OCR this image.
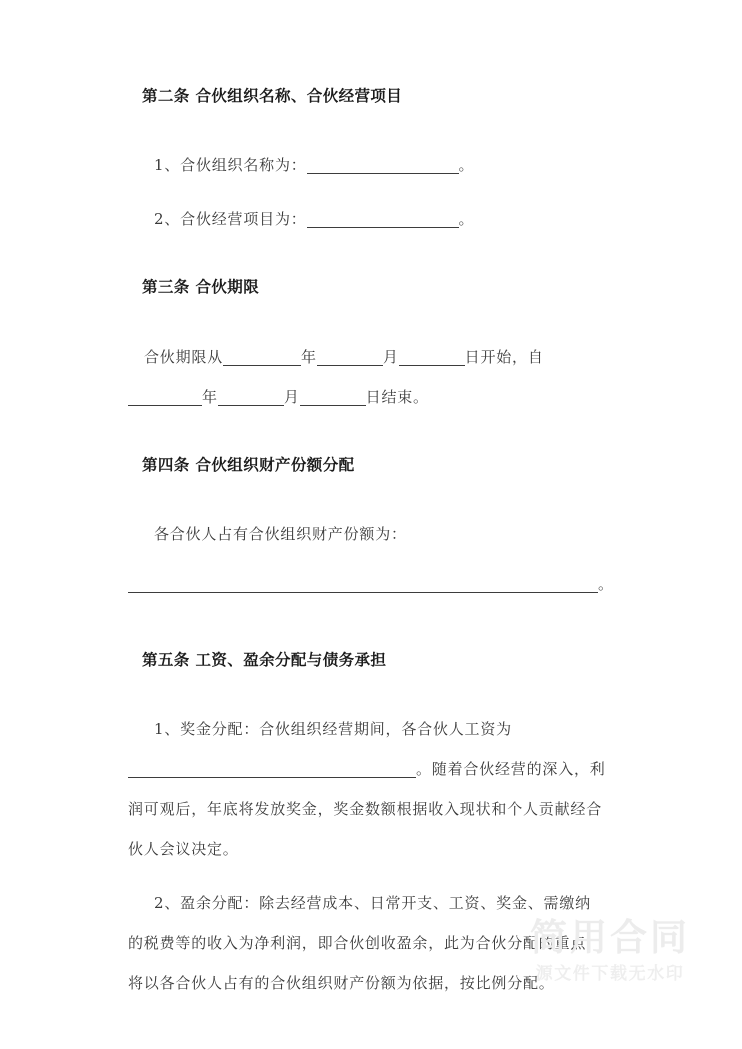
第二条 合伙组织名称、合伙经营项目

1、合伙组织名称为：	。

2、合伙经营项目为：	。

第三条 合伙期限

合伙期限从	年	月	日开始，自

年	月	日结束。

第四条 合伙组织财产份额分配

各合伙人占有合伙组织财产份额为：

。

第五条 工资、盈余分配与债务承担

1、奖金分配：合伙组织经营期间，各合伙人工资为

。随着合伙经营的深入，利

润可观后，年底将发放奖金，奖金数额根据收入现状和个人贡献经合

伙人会议决定。

2、盈余分配：除去经营成本、日常开支、工资、奖金、需缴纳

的税费等的收入为净利润，即合伙创收盈余，此为合伙分配的重点，

将以各合伙人占有的合伙组织财产份额为依据，按比例分配。

简用合同
源文件下载无水印
